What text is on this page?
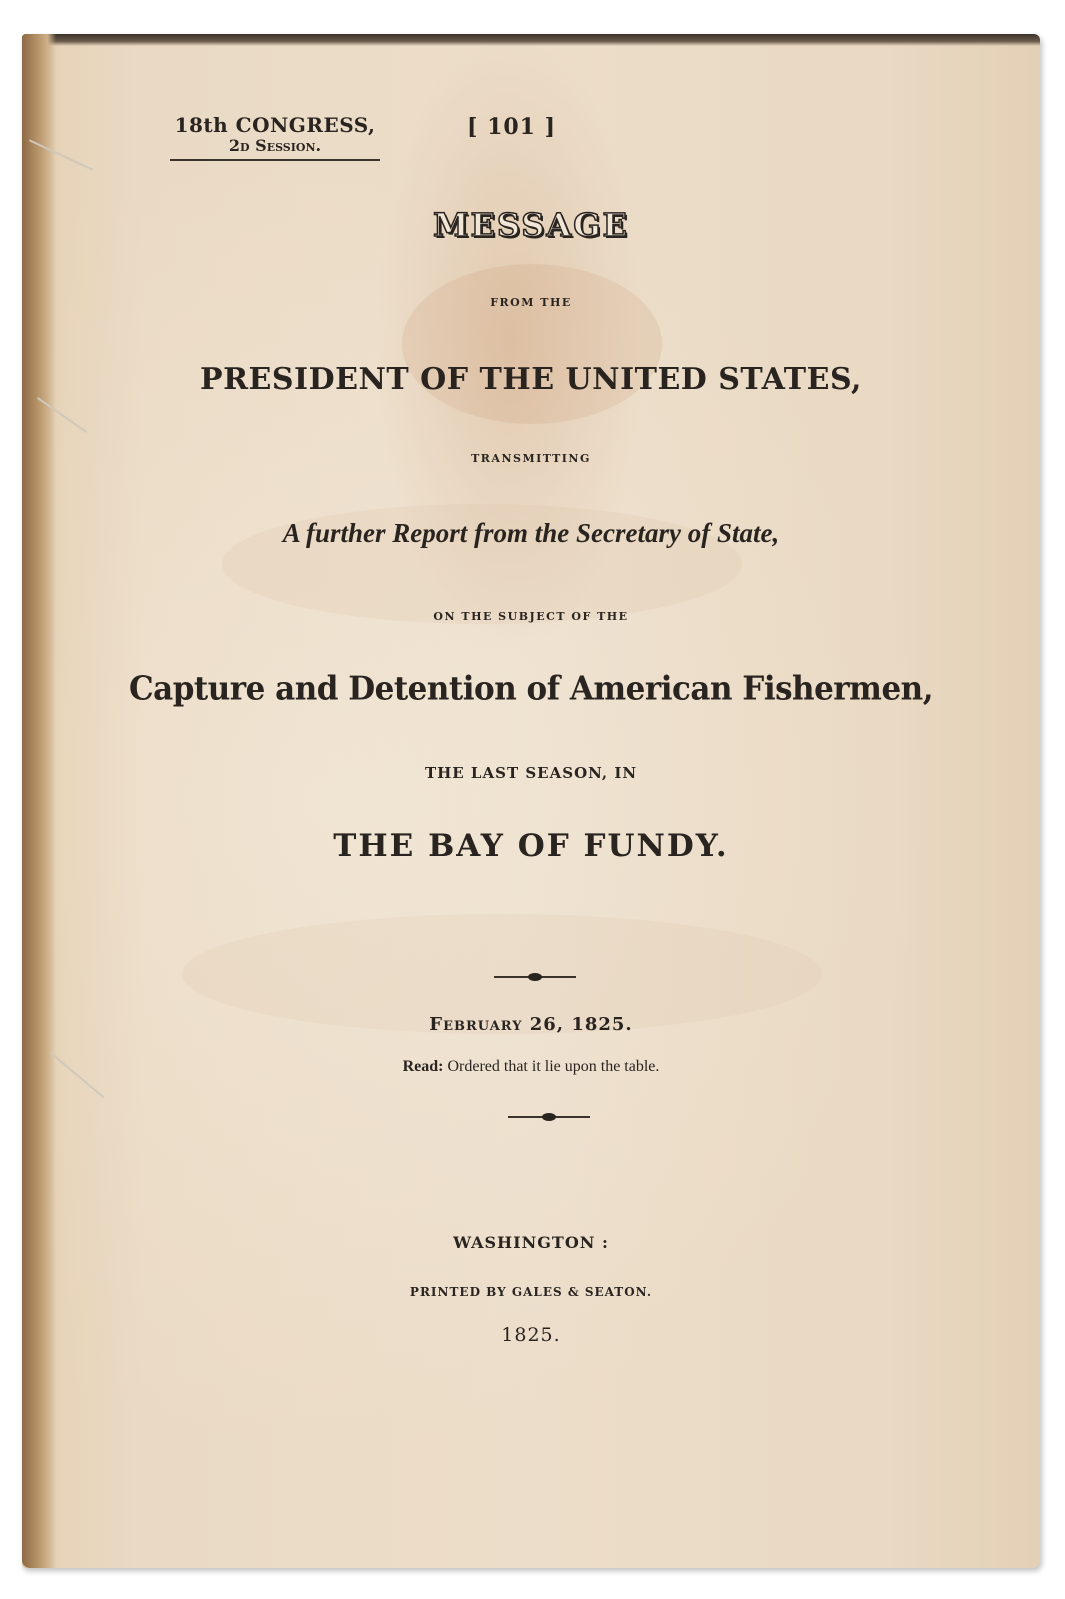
18th CONGRESS,
2d Session.
[ 101 ]
MESSAGE
FROM THE
PRESIDENT OF THE UNITED STATES,
TRANSMITTING
A further Report from the Secretary of State,
ON THE SUBJECT OF THE
Capture and Detention of American Fishermen,
THE LAST SEASON, IN
THE BAY OF FUNDY.
February 26, 1825.
Read: Ordered that it lie upon the table.
WASHINGTON :
PRINTED BY GALES & SEATON.
1825.
